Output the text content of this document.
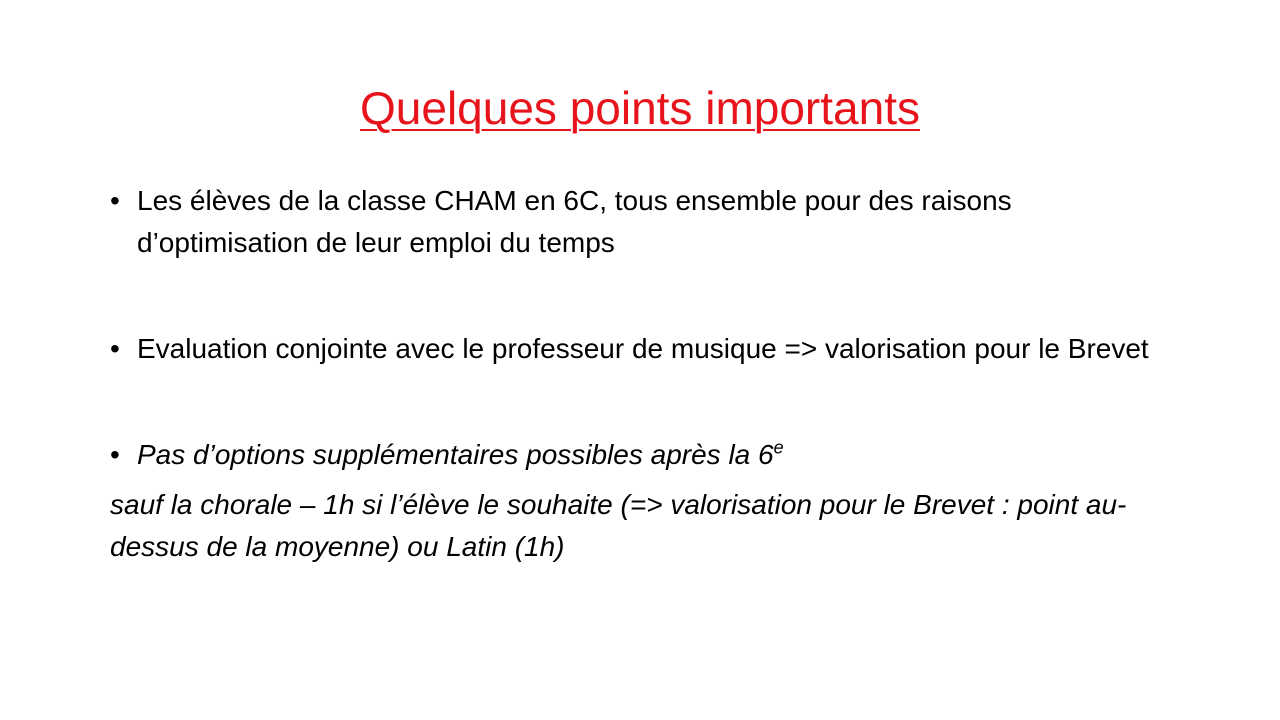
Quelques points importants
• Les élèves de la classe CHAM en 6C, tous ensemble pour des raisons d’optimisation de leur emploi du temps
• Evaluation conjointe avec le professeur de musique => valorisation pour le Brevet
• Pas d’options supplémentaires possibles après la 6e
sauf la chorale – 1h si l’élève le souhaite (=> valorisation pour le Brevet : point au-dessus de la moyenne) ou Latin (1h)
